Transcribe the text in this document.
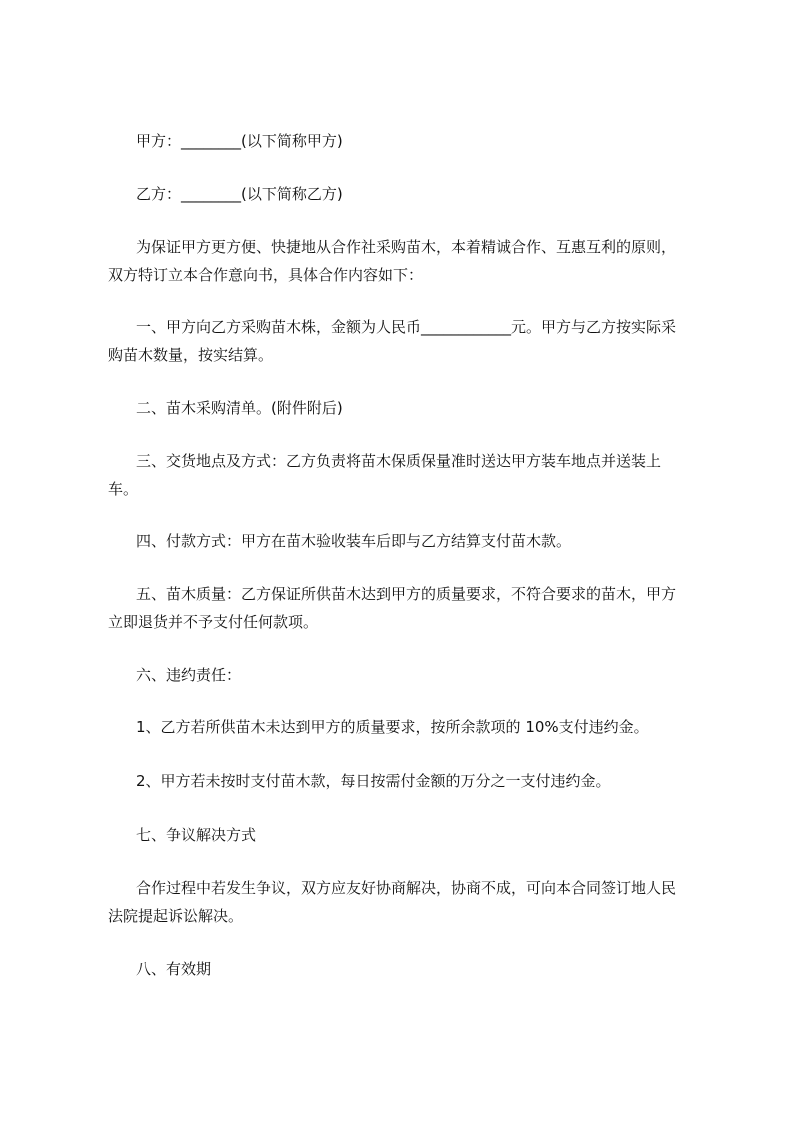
甲方：________(以下简称甲方)

乙方：________(以下简称乙方)

为保证甲方更方便、快捷地从合作社采购苗木，本着精诚合作、互惠互利的原则，双方特订立本合作意向书，具体合作内容如下：

一、甲方向乙方采购苗木株，金额为人民币____________元。甲方与乙方按实际采购苗木数量，按实结算。

二、苗木采购清单。(附件附后)

三、交货地点及方式：乙方负责将苗木保质保量准时送达甲方装车地点并送装上车。

四、付款方式：甲方在苗木验收装车后即与乙方结算支付苗木款。

五、苗木质量：乙方保证所供苗木达到甲方的质量要求，不符合要求的苗木，甲方立即退货并不予支付任何款项。

六、违约责任：

1、乙方若所供苗木未达到甲方的质量要求，按所余款项的 10%支付违约金。

2、甲方若未按时支付苗木款，每日按需付金额的万分之一支付违约金。

七、争议解决方式

合作过程中若发生争议，双方应友好协商解决，协商不成，可向本合同签订地人民法院提起诉讼解决。

八、有效期
